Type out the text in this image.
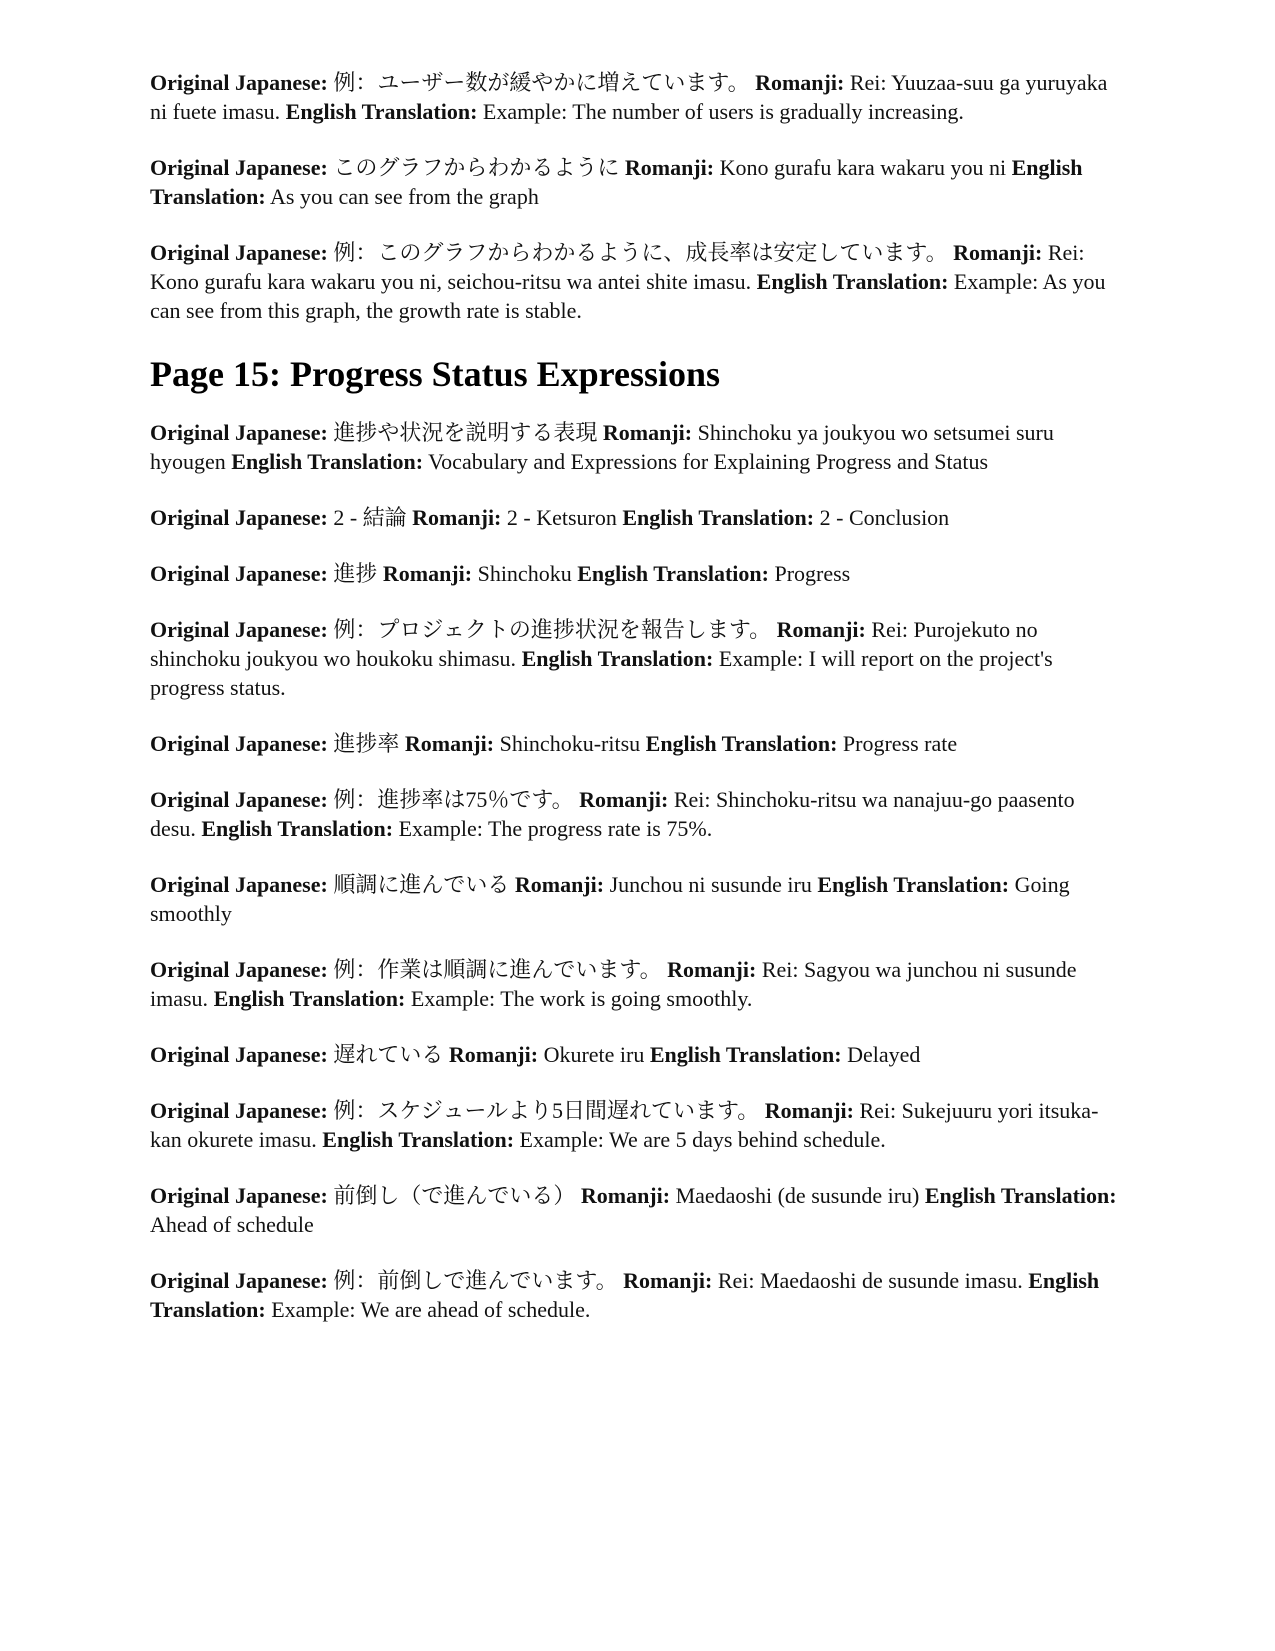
Original Japanese: 例：ユーザー数が緩やかに増えています。 Romanji: Rei: Yuuzaa-suu ga yuruyaka ni fuete imasu. English Translation: Example: The number of users is gradually increasing.

Original Japanese: このグラフからわかるように Romanji: Kono gurafu kara wakaru you ni English Translation: As you can see from the graph

Original Japanese: 例：このグラフからわかるように、成長率は安定しています。 Romanji: Rei: Kono gurafu kara wakaru you ni, seichou-ritsu wa antei shite imasu. English Translation: Example: As you can see from this graph, the growth rate is stable.

Page 15: Progress Status Expressions

Original Japanese: 進捗や状況を説明する表現 Romanji: Shinchoku ya joukyou wo setsumei suru hyougen English Translation: Vocabulary and Expressions for Explaining Progress and Status

Original Japanese: 2 - 結論 Romanji: 2 - Ketsuron English Translation: 2 - Conclusion

Original Japanese: 進捗 Romanji: Shinchoku English Translation: Progress

Original Japanese: 例：プロジェクトの進捗状況を報告します。 Romanji: Rei: Purojekuto no shinchoku joukyou wo houkoku shimasu. English Translation: Example: I will report on the project's progress status.

Original Japanese: 進捗率 Romanji: Shinchoku-ritsu English Translation: Progress rate

Original Japanese: 例：進捗率は75％です。 Romanji: Rei: Shinchoku-ritsu wa nanajuu-go paasento desu. English Translation: Example: The progress rate is 75%.

Original Japanese: 順調に進んでいる Romanji: Junchou ni susunde iru English Translation: Going smoothly

Original Japanese: 例：作業は順調に進んでいます。 Romanji: Rei: Sagyou wa junchou ni susunde imasu. English Translation: Example: The work is going smoothly.

Original Japanese: 遅れている Romanji: Okurete iru English Translation: Delayed

Original Japanese: 例：スケジュールより5日間遅れています。 Romanji: Rei: Sukejuuru yori itsuka-kan okurete imasu. English Translation: Example: We are 5 days behind schedule.

Original Japanese: 前倒し（で進んでいる） Romanji: Maedaoshi (de susunde iru) English Translation: Ahead of schedule

Original Japanese: 例：前倒しで進んでいます。 Romanji: Rei: Maedaoshi de susunde imasu. English Translation: Example: We are ahead of schedule.
